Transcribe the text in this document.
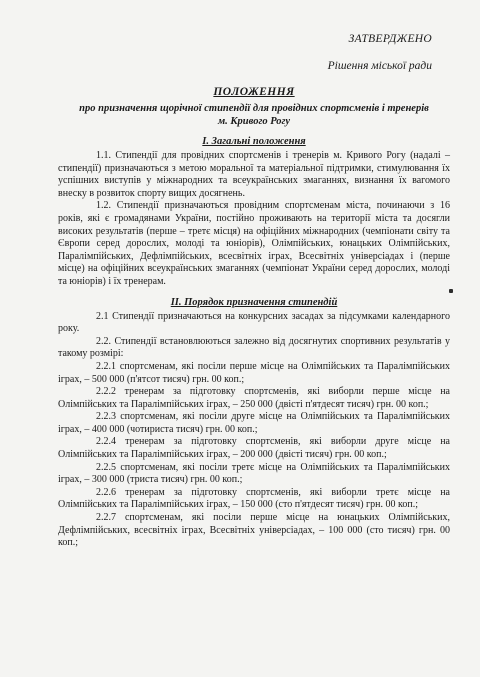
ЗАТВЕРДЖЕНО
Рішення міської ради
ПОЛОЖЕННЯ
про призначення щорічної стипендії для провідних спортсменів і тренерів м. Кривого Рогу
І. Загальні положення

1.1. Стипендії для провідних спортсменів і тренерів м. Кривого Рогу (надалі – стипендії) призначаються з метою моральної та матеріальної підтримки, стимулювання їх успішних виступів у міжнародних та всеукраїнських змаганнях, визнання їх вагомого внеску в розвиток спорту вищих досягнень.

1.2. Стипендії призначаються провідним спортсменам міста, починаючи з 16 років, які є громадянами України, постійно проживають на території міста та досягли високих результатів (перше – третє місця) на офіційних міжнародних (чемпіонати світу та Європи серед дорослих, молоді та юніорів), Олімпійських, юнацьких Олімпійських, Паралімпійських, Дефлімпійських, всесвітніх іграх, Всесвітніх універсіадах і (перше місце) на офіційних всеукраїнських змаганнях (чемпіонат України серед дорослих, молоді та юніорів) і їх тренерам.

ІІ. Порядок призначення стипендій

2.1 Стипендії призначаються на конкурсних засадах за підсумками календарного року.

2.2. Стипендії встановлюються залежно від досягнутих спортивних результатів у такому розмірі:

2.2.1 спортсменам, які посіли перше місце на Олімпійських та Паралімпійських іграх, – 500 000 (п'ятсот тисяч) грн. 00 коп.;

2.2.2 тренерам за підготовку спортсменів, які виборли перше місце на Олімпійських та Паралімпійських іграх, – 250 000 (двісті п'ятдесят тисяч) грн. 00 коп.;

2.2.3 спортсменам, які посіли друге місце на Олімпійських та Паралімпійських іграх, – 400 000 (чотириста тисяч) грн. 00 коп.;

2.2.4 тренерам за підготовку спортсменів, які виборли друге місце на Олімпійських та Паралімпійських іграх, – 200 000 (двісті тисяч) грн. 00 коп.;

2.2.5 спортсменам, які посіли третє місце на Олімпійських та Паралімпійських іграх, – 300 000 (триста тисяч) грн. 00 коп.;

2.2.6 тренерам за підготовку спортсменів, які виборли третє місце на Олімпійських та Паралімпійських іграх, – 150 000 (сто п'ятдесят тисяч) грн. 00 коп.;

2.2.7 спортсменам, які посіли перше місце на юнацьких Олімпійських, Дефлімпійських, всесвітніх іграх, Всесвітніх універсіадах, – 100 000 (сто тисяч) грн. 00 коп.;
